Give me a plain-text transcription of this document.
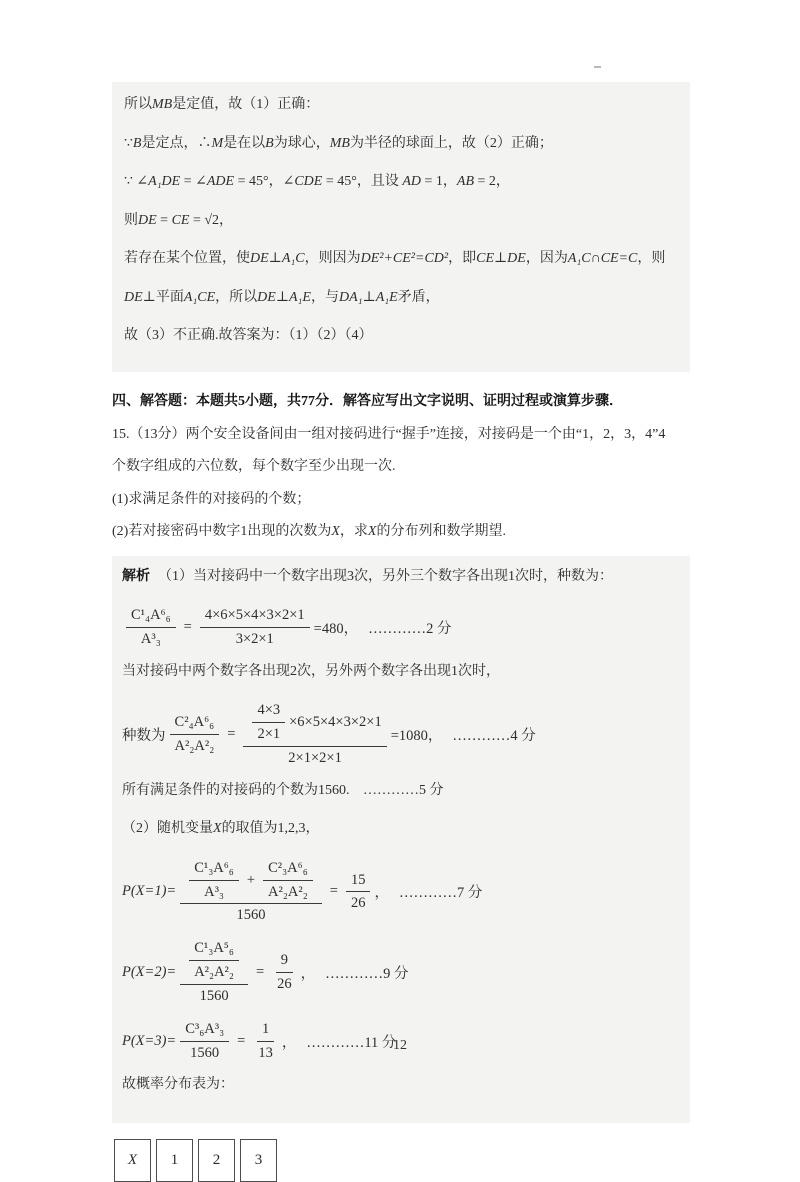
所以MB是定值，故（1）正确：

∵B是定点，∴M是在以B为球心，MB为半径的球面上，故（2）正确；

∵ ∠A₁DE = ∠ADE = 45°，∠CDE = 45°，且设 AD = 1，AB = 2，

则DE = CE = √2，

若存在某个位置，使DE⊥A₁C，则因为DE²+CE²=CD²，即CE⊥DE，因为A₁C∩CE=C，则

DE⊥平面A₁CE，所以DE⊥A₁E，与DA₁⊥A₁E矛盾，

故（3）不正确.故答案为：（1）（2）（4）

四、解答题：本题共5小题，共77分．解答应写出文字说明、证明过程或演算步骤．

15.（13分）两个安全设备间由一组对接码进行“握手”连接，对接码是一个由“1，2，3，4”4

个数字组成的六位数，每个数字至少出现一次.

(1)求满足条件的对接码的个数；

(2)若对接密码中数字1出现的次数为X，求X的分布列和数学期望.

解析 （1）当对接码中一个数字出现3次，另外三个数字各出现1次时，种数为：

$\frac{\text{C¹₄A⁶₆}}{\text{A³₃}} = \frac{4\times 6\times 5\times 4\times 3\times 2\times 1}{3\times 2\times 1} =480$， …………2 分

当对接码中两个数字各出现2次，另外两个数字各出现1次时，

种数为 $\frac{\text{C²₄A⁶₆}}{\text{A²₂A²₂}} = \frac{\frac{4\times 3}{2\times 1} \times 6\times 5\times 4\times 3\times 2\times 1}{2\times 1\times 2\times 1} =1080$， …………4 分

所有满足条件的对接码的个数为1560. …………5 分

（2）随机变量X的取值为1,2,3，

$P(X=1)= \frac{\text{C¹₃A⁶₆}}{\text{A³₃}} + \frac{\text{C²₃A⁶₆}}{\text{A²₂A²₂}}$
1560
= $\frac{15}{26}$ ， …………7 分
$P(X=2)= \frac{\frac{\text{C¹₃A⁵₆}}{\text{A²₂A²₂}}}{1560} = \frac{9}{26}$ ， …………9 分
$P(X=3)= \frac{\text{C³₆A³₃}}{1560} = \frac{1}{13}$ ， …………11 分

故概率分布表为：

X 1 2 3
12
